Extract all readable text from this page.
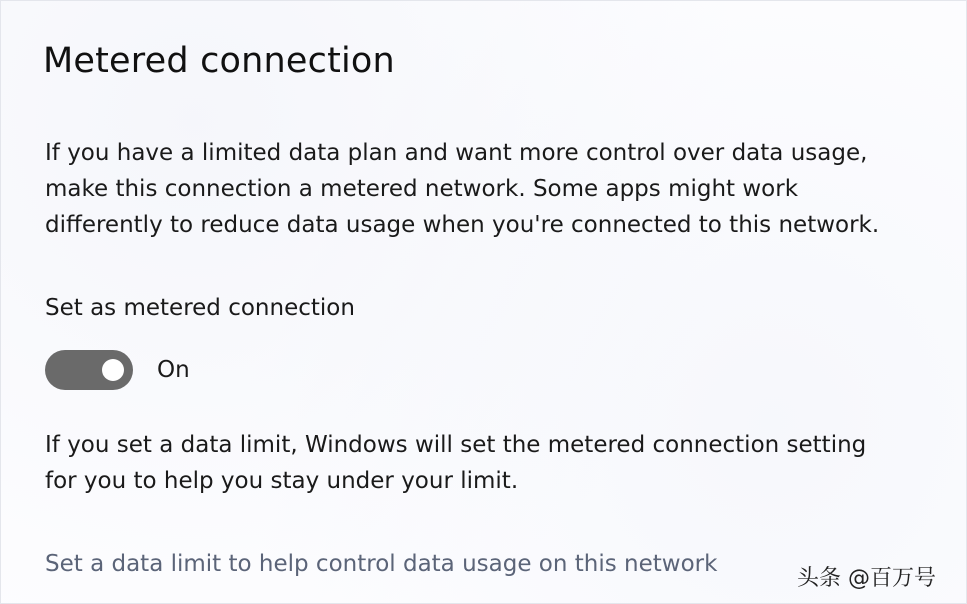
Metered connection

If you have a limited data plan and want more control over data usage,
make this connection a metered network. Some apps might work
differently to reduce data usage when you're connected to this network.

Set as metered connection
On

If you set a data limit, Windows will set the metered connection setting
for you to help you stay under your limit.

Set a data limit to help control data usage on this network
头条 @百万号
